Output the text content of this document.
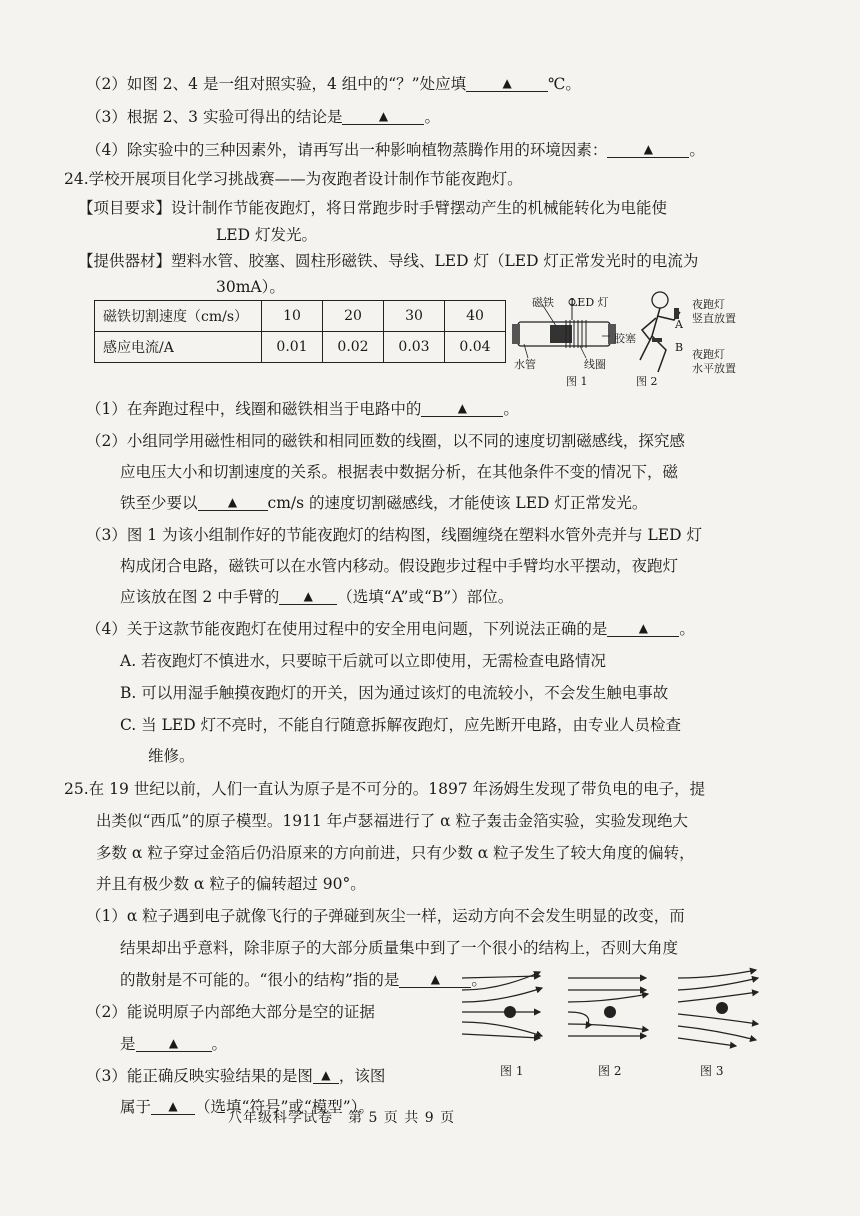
（2）如图 2、4 是一组对照实验，4 组中的“？”处应填	▲ ℃。
（3）根据 2、3 实验可得出的结论是	▲ 。
（4）除实验中的三种因素外，请再写出一种影响植物蒸腾作用的环境因素：	▲ 。
24.学校开展项目化学习挑战赛——为夜跑者设计制作节能夜跑灯。
【项目要求】设计制作节能夜跑灯，将日常跑步时手臂摆动产生的机械能转化为电能使
LED 灯发光。
【提供器材】塑料水管、胶塞、圆柱形磁铁、导线、LED 灯（LED 灯正常发光时的电流为
30mA）。
磁铁切割速度（cm/s）	10	20	30	40
感应电流/A	0.01	0.02	0.03	0.04
磁铁 LED 灯
胶塞
水管	线圈
图 1
A
B
夜跑灯
竖直放置
夜跑灯
水平放置
图 2
（1）在奔跑过程中，线圈和磁铁相当于电路中的	▲ 。
（2）小组同学用磁性相同的磁铁和相同匝数的线圈，以不同的速度切割磁感线，探究感
应电压大小和切割速度的关系。根据表中数据分析，在其他条件不变的情况下，磁
铁至少要以	▲ cm/s 的速度切割磁感线，才能使该 LED 灯正常发光。
（3）图 1 为该小组制作好的节能夜跑灯的结构图，线圈缠绕在塑料水管外壳并与 LED 灯
构成闭合电路，磁铁可以在水管内移动。假设跑步过程中手臂均水平摆动，夜跑灯
应该放在图 2 中手臂的 ▲ （选填“A”或“B”）部位。
（4）关于这款节能夜跑灯在使用过程中的安全用电问题，下列说法正确的是	▲ 。
A. 若夜跑灯不慎进水，只要晾干后就可以立即使用，无需检查电路情况
B. 可以用湿手触摸夜跑灯的开关，因为通过该灯的电流较小，不会发生触电事故
C. 当 LED 灯不亮时，不能自行随意拆解夜跑灯，应先断开电路，由专业人员检查
维修。
25.在 19 世纪以前，人们一直认为原子是不可分的。1897 年汤姆生发现了带负电的电子，提
出类似“西瓜”的原子模型。1911 年卢瑟福进行了 α 粒子轰击金箔实验，实验发现绝大
多数 α 粒子穿过金箔后仍沿原来的方向前进，只有少数 α 粒子发生了较大角度的偏转，
并且有极少数 α 粒子的偏转超过 90°。
（1）α 粒子遇到电子就像飞行的子弹碰到灰尘一样，运动方向不会发生明显的改变，而
结果却出乎意料，除非原子的大部分质量集中到了一个很小的结构上，否则大角度
的散射是不可能的。“很小的结构”指的是	▲ 。
（2）能说明原子内部绝大部分是空的证据
是	▲ 。
（3）能正确反映实验结果的是图 ▲ ，该图
属于 ▲ （选填“符号”或“模型”）。
图 1	图 2	图 3
八年级科学试卷　第 5 页 共 9 页
